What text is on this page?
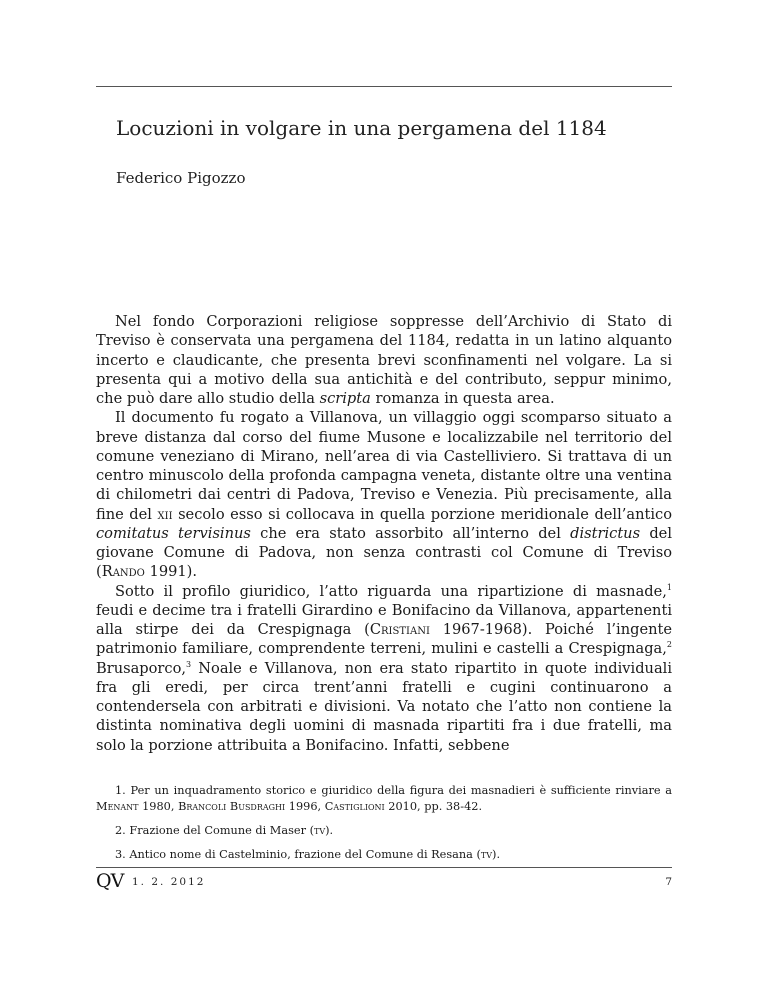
Locuzioni in volgare in una pergamena del 1184

Federico Pigozzo

Nel fondo Corporazioni religiose soppresse dell’Archivio di Stato di Treviso è conservata una pergamena del 1184, redatta in un latino alquanto incerto e claudicante, che presenta brevi sconfinamenti nel volgare. La si presenta qui a motivo della sua antichità e del contributo, seppur minimo, che può dare allo studio della scripta romanza in questa area.

Il documento fu rogato a Villanova, un villaggio oggi scomparso situato a breve distanza dal corso del fiume Musone e localizzabile nel territorio del comune veneziano di Mirano, nell’area di via Castelliviero. Si trattava di un centro minuscolo della profonda campagna veneta, distante oltre una ventina di chilometri dai centri di Padova, Treviso e Venezia. Più precisamente, alla fine del xii secolo esso si collocava in quella porzione meridionale dell’antico comitatus tervisinus che era stato assorbito all’interno del districtus del giovane Comune di Padova, non senza contrasti col Comune di Treviso (Rando 1991).

Sotto il profilo giuridico, l’atto riguarda una ripartizione di masnade,$^1$ feudi e decime tra i fratelli Girardino e Bonifacino da Villanova, appartenenti alla stirpe dei da Crespignaga (Cristiani 1967-1968). Poiché l’ingente patrimonio familiare, comprendente terreni, mulini e castelli a Crespignaga,$^2$ Brusaporco,$^3$ Noale e Villanova, non era stato ripartito in quote individuali fra gli eredi, per circa trent’anni fratelli e cugini continuarono a contendersela con arbitrati e divisioni. Va notato che l’atto non contiene la distinta nominativa degli uomini di masnada ripartiti fra i due fratelli, ma solo la porzione attribuita a Bonifacino. Infatti, sebbene

1. Per un inquadramento storico e giuridico della figura dei masnadieri è sufficiente rinviare a Menant 1980, Brancoli Busdraghi 1996, Castiglioni 2010, pp. 38-42.

2. Frazione del Comune di Maser (tv).

3. Antico nome di Castelminio, frazione del Comune di Resana (tv).

QV 1. 2. 2012	7
